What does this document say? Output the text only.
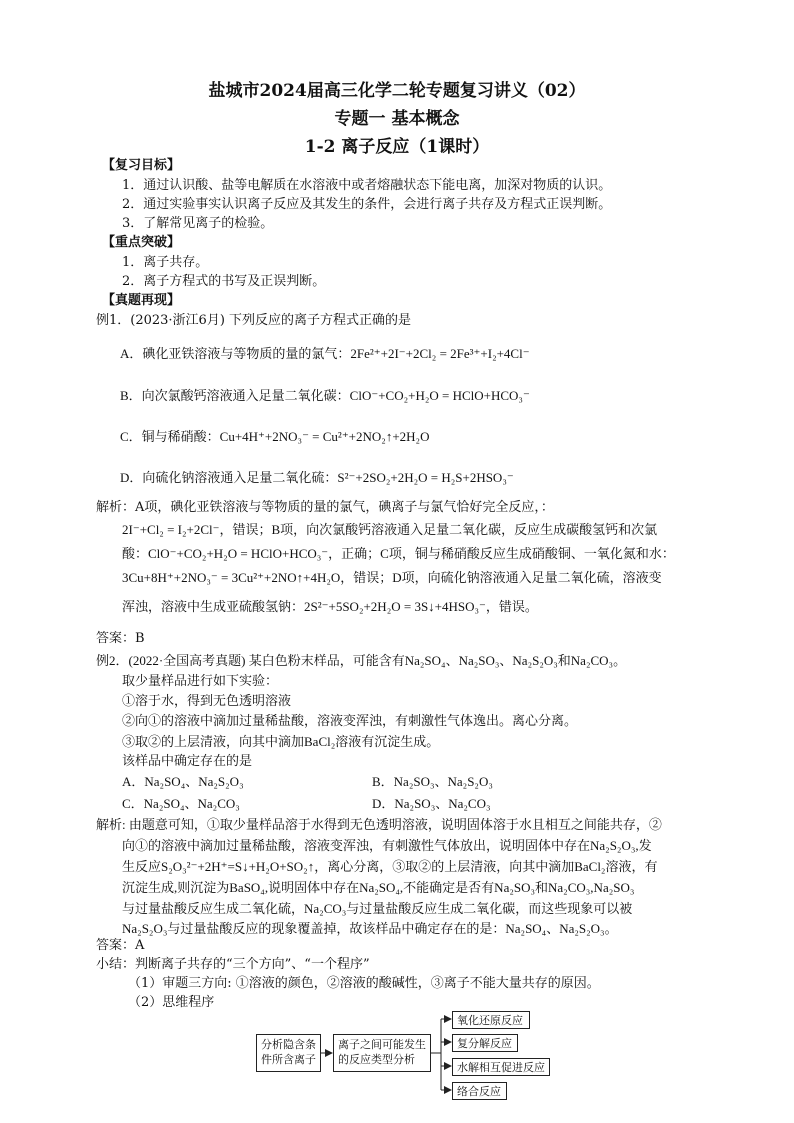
盐城市2024届高三化学二轮专题复习讲义（02）
专题一 基本概念
1-2 离子反应（1课时）
【复习目标】
1．通过认识酸、盐等电解质在水溶液中或者熔融状态下能电离，加深对物质的认识。
2．通过实验事实认识离子反应及其发生的条件，会进行离子共存及方程式正误判断。
3．了解常见离子的检验。
【重点突破】
1．离子共存。
2．离子方程式的书写及正误判断。
【真题再现】
例1．(2023·浙江6月) 下列反应的离子方程式正确的是
A．碘化亚铁溶液与等物质的量的氯气：2Fe²⁺+2I⁻+2Cl₂ = 2Fe³⁺+I₂+4Cl⁻
B．向次氯酸钙溶液通入足量二氧化碳：ClO⁻+CO₂+H₂O = HClO+HCO₃⁻
C．铜与稀硝酸：Cu+4H⁺+2NO₃⁻ = Cu²⁺+2NO₂↑+2H₂O
D．向硫化钠溶液通入足量二氧化硫：S²⁻+2SO₂+2H₂O = H₂S+2HSO₃⁻
解析：A项，碘化亚铁溶液与等物质的量的氯气，碘离子与氯气恰好完全反应，：
2I⁻+Cl₂ = I₂+2Cl⁻，错误；B项，向次氯酸钙溶液通入足量二氧化碳，反应生成碳酸氢钙和次氯
酸：ClO⁻+CO₂+H₂O = HClO+HCO₃⁻，正确；C项，铜与稀硝酸反应生成硝酸铜、一氧化氮和水：
3Cu+8H⁺+2NO₃⁻ = 3Cu²⁺+2NO↑+4H₂O，错误；D项，向硫化钠溶液通入足量二氧化硫，溶液变
浑浊，溶液中生成亚硫酸氢钠：2S²⁻+5SO₂+2H₂O = 3S↓+4HSO₃⁻，错误。
答案：B
例2．(2022·全国高考真题) 某白色粉末样品，可能含有Na₂SO₄、Na₂SO₃、Na₂S₂O₃和Na₂CO₃。
取少量样品进行如下实验：
①溶于水，得到无色透明溶液
②向①的溶液中滴加过量稀盐酸，溶液变浑浊，有刺激性气体逸出。离心分离。
③取②的上层清液，向其中滴加BaCl₂溶液有沉淀生成。
该样品中确定存在的是
A．Na₂SO₄、Na₂S₂O₃	B．Na₂SO₃、Na₂S₂O₃
C．Na₂SO₄、Na₂CO₃	D．Na₂SO₃、Na₂CO₃
解析: 由题意可知，①取少量样品溶于水得到无色透明溶液，说明固体溶于水且相互之间能共存，②
向①的溶液中滴加过量稀盐酸，溶液变浑浊，有刺激性气体放出，说明固体中存在Na₂S₂O₃,发
生反应S₂O₃²⁻+2H⁺=S↓+H₂O+SO₂↑，离心分离，③取②的上层清液，向其中滴加BaCl₂溶液，有
沉淀生成,则沉淀为BaSO₄,说明固体中存在Na₂SO₄,不能确定是否有Na₂SO₃和Na₂CO₃,Na₂SO₃
与过量盐酸反应生成二氧化硫，Na₂CO₃与过量盐酸反应生成二氧化碳，而这些现象可以被
Na₂S₂O₃与过量盐酸反应的现象覆盖掉，故该样品中确定存在的是：Na₂SO₄、Na₂S₂O₃。
答案：A
小结：判断离子共存的“三个方向”、“一个程序”
（1）审题三方向: ①溶液的颜色，②溶液的酸碱性，③离子不能大量共存的原因。
（2）思维程序
分析隐含条
件所含离子
离子之间可能发生
的反应类型分析
氧化还原反应
复分解反应
水解相互促进反应
络合反应
